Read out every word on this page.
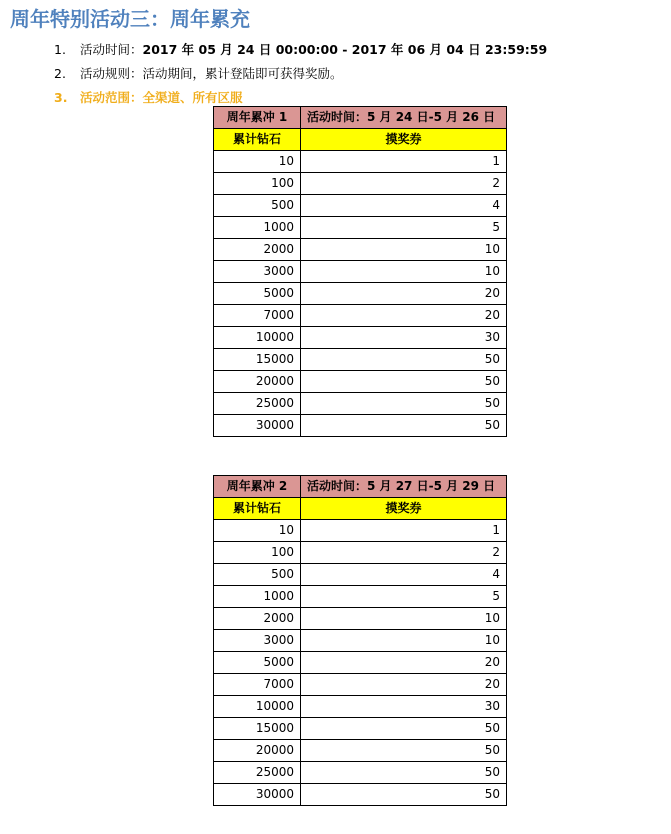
周年特别活动三：周年累充
1. 活动时间：2017 年 05 月 24 日 00:00:00 - 2017 年 06 月 04 日 23:59:59
2. 活动规则：活动期间，累计登陆即可获得奖励。
3. 活动范围：全渠道、所有区服
周年累冲 1	活动时间：5 月 24 日-5 月 26 日
累计钻石	摸奖券
10	1
100	2
500	4
1000	5
2000	10
3000	10
5000	20
7000	20
10000	30
15000	50
20000	50
25000	50
30000	50
周年累冲 2	活动时间：5 月 27 日-5 月 29 日
累计钻石	摸奖券
10	1
100	2
500	4
1000	5
2000	10
3000	10
5000	20
7000	20
10000	30
15000	50
20000	50
25000	50
30000	50
